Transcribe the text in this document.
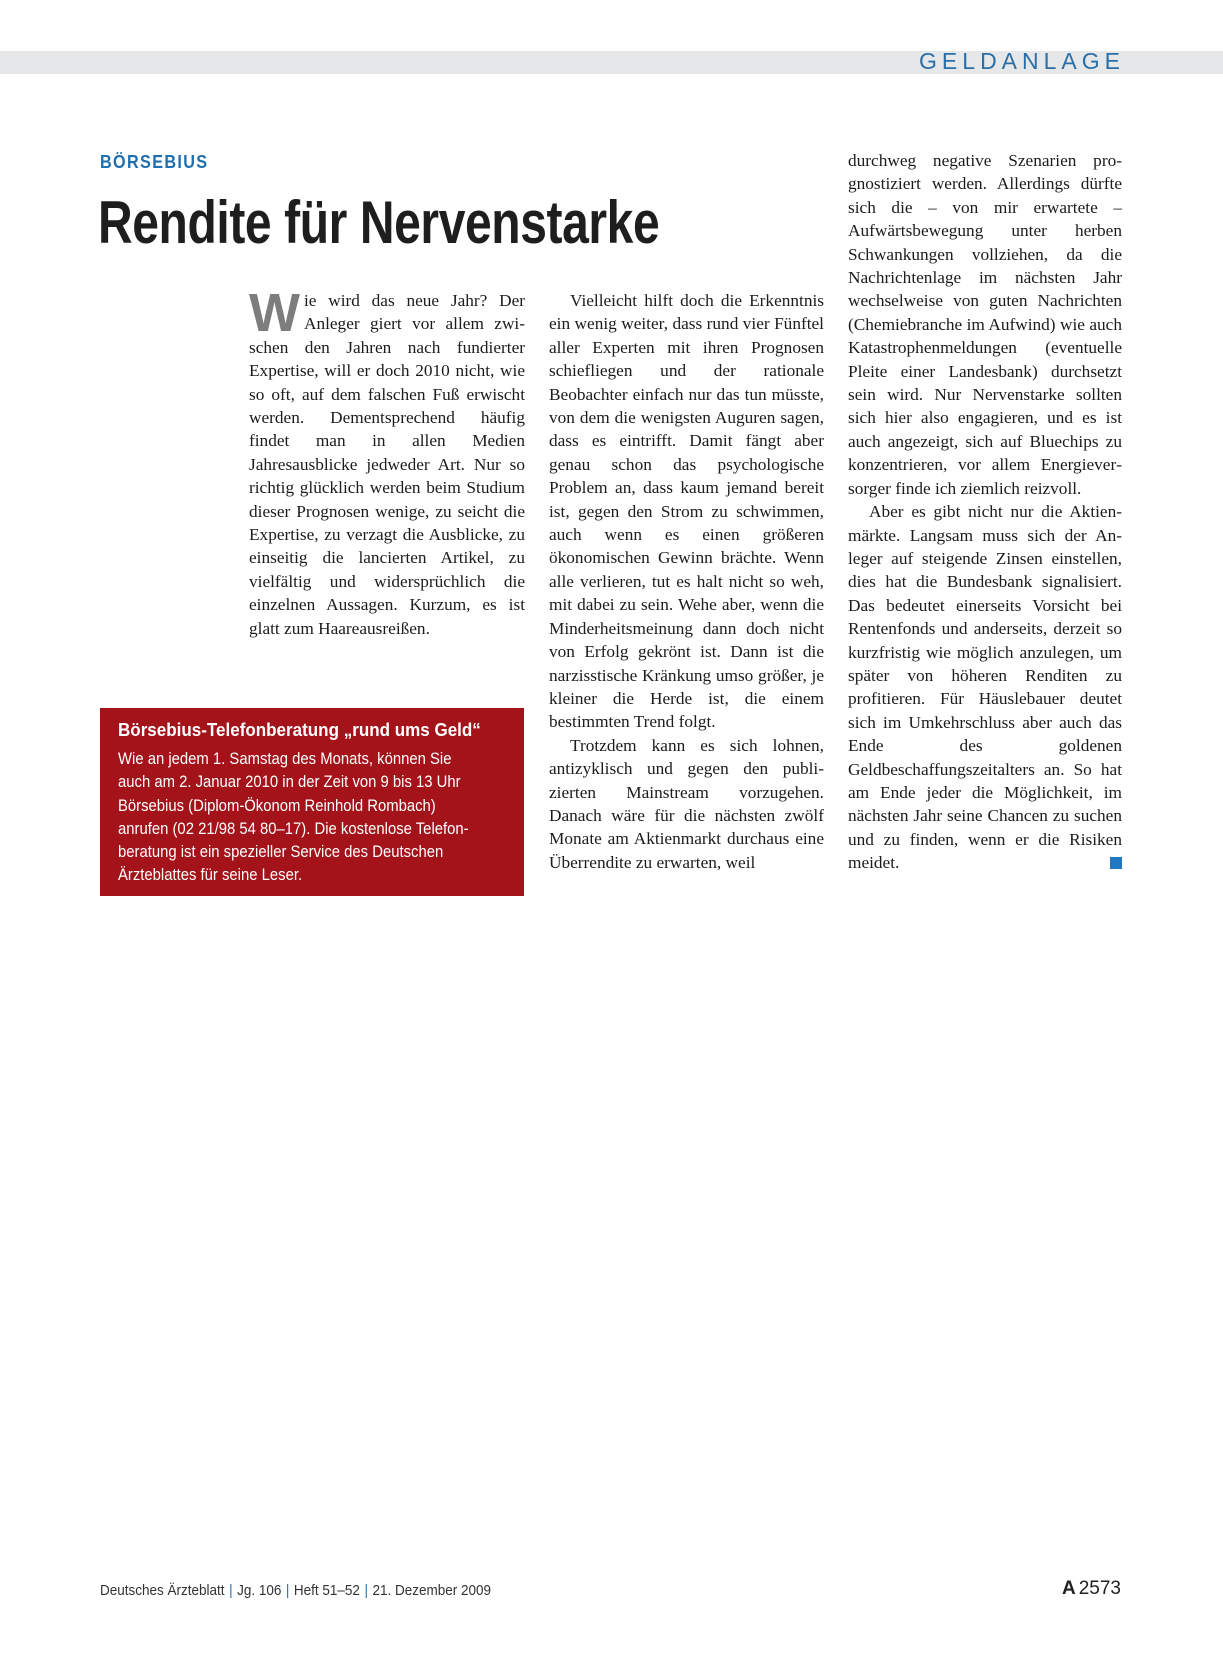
GELDANLAGE
BÖRSEBIUS
Rendite für Nervenstarke

Wie wird das neue Jahr? Der Anleger giert vor allem zwischen den Jahren nach fundierter Expertise, will er doch 2010 nicht, wie so oft, auf dem falschen Fuß erwischt werden. Dementsprechend häufig findet man in allen Medien Jahresausblicke jedweder Art. Nur so richtig glücklich werden beim Studium dieser Prognosen wenige, zu seicht die Expertise, zu verzagt die Ausblicke, zu einseitig die lancierten Artikel, zu vielfältig und widersprüchlich die einzelnen Aussagen. Kurzum, es ist glatt zum Haareausreißen.

Vielleicht hilft doch die Erkenntnis ein wenig weiter, dass rund vier Fünftel aller Experten mit ihren Prognosen schiefliegen und der rationale Beobachter einfach nur das tun müsste, von dem die wenigsten Auguren sagen, dass es eintrifft. Damit fängt aber genau schon das psychologische Problem an, dass kaum jemand bereit ist, gegen den Strom zu schwimmen, auch wenn es einen größeren ökonomischen Gewinn brächte. Wenn alle verlieren, tut es halt nicht so weh, mit dabei zu sein. Wehe aber, wenn die Minderheitsmeinung dann doch nicht von Erfolg gekrönt ist. Dann ist die narzisstische Kränkung umso größer, je kleiner die Herde ist, die einem bestimmten Trend folgt.

Trotzdem kann es sich lohnen, antizyklisch und gegen den publizierten Mainstream vorzugehen. Danach wäre für die nächsten zwölf Monate am Aktienmarkt durchaus eine Überrendite zu erwarten, weil

durchweg negative Szenarien prognostiziert werden. Allerdings dürfte sich die – von mir erwartete – Aufwärtsbewegung unter herben Schwankungen vollziehen, da die Nachrichtenlage im nächsten Jahr wechselweise von guten Nachrichten (Chemiebranche im Aufwind) wie auch Katastrophenmeldungen (eventuelle Pleite einer Landesbank) durchsetzt sein wird. Nur Nervenstarke sollten sich hier also engagieren, und es ist auch angezeigt, sich auf Bluechips zu konzentrieren, vor allem Energieversorger finde ich ziemlich reizvoll.

Aber es gibt nicht nur die Aktienmärkte. Langsam muss sich der Anleger auf steigende Zinsen einstellen, dies hat die Bundesbank signalisiert. Das bedeutet einerseits Vorsicht bei Rentenfonds und anderseits, derzeit so kurzfristig wie möglich anzulegen, um später von höheren Renditen zu profitieren. Für Häuslebauer deutet sich im Umkehrschluss aber auch das Ende des goldenen Geldbeschaffungszeitalters an. So hat am Ende jeder die Möglichkeit, im nächsten Jahr seine Chancen zu suchen und zu finden, wenn er die Risiken meidet.

Börsebius-Telefonberatung „rund ums Geld“
Wie an jedem 1. Samstag des Monats, können Sie
auch am 2. Januar 2010 in der Zeit von 9 bis 13 Uhr
Börsebius (Diplom-Ökonom Reinhold Rombach)
anrufen (02 21/98 54 80–17). Die kostenlose Telefon-
beratung ist ein spezieller Service des Deutschen
Ärzteblattes für seine Leser.
Deutsches Ärzteblatt | Jg. 106 | Heft 51–52 | 21. Dezember 2009	A 2573
